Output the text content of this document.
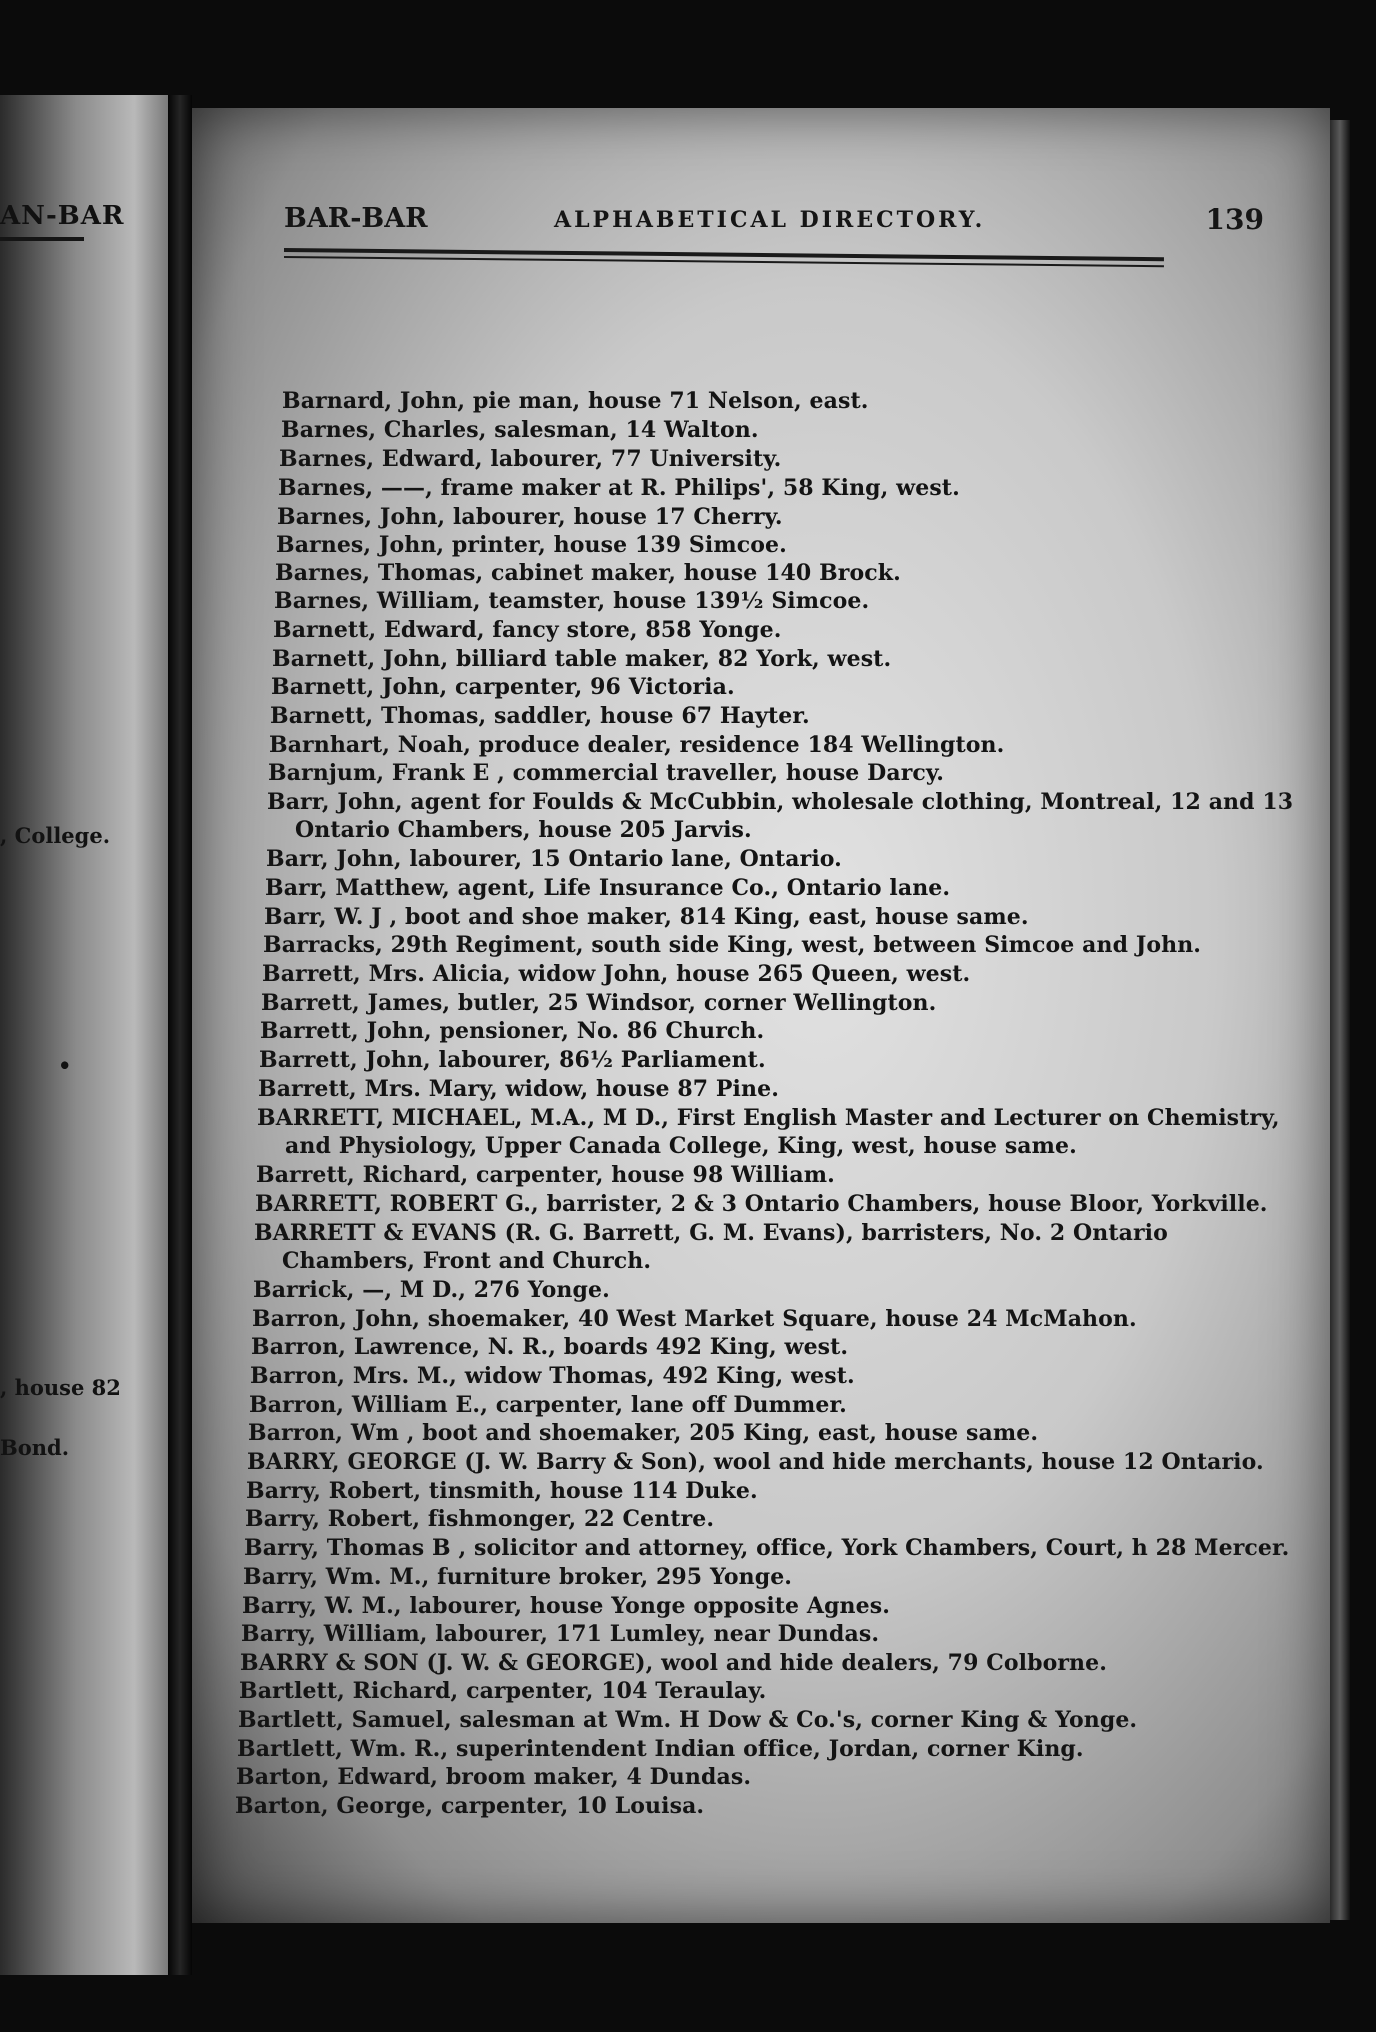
AN-BAR
, College.
•
, house 82
Bond.
BAR-BAR	ALPHABETICAL DIRECTORY.	139
Barnard, John, pie man, house 71 Nelson, east.
Barnes, Charles, salesman, 14 Walton.
Barnes, Edward, labourer, 77 University.
Barnes, ——, frame maker at R. Philips', 58 King, west.
Barnes, John, labourer, house 17 Cherry.
Barnes, John, printer, house 139 Simcoe.
Barnes, Thomas, cabinet maker, house 140 Brock.
Barnes, William, teamster, house 139½ Simcoe.
Barnett, Edward, fancy store, 858 Yonge.
Barnett, John, billiard table maker, 82 York, west.
Barnett, John, carpenter, 96 Victoria.
Barnett, Thomas, saddler, house 67 Hayter.
Barnhart, Noah, produce dealer, residence 184 Wellington.
Barnjum, Frank E , commercial traveller, house Darcy.
Barr, John, agent for Foulds & McCubbin, wholesale clothing, Montreal, 12 and 13
Ontario Chambers, house 205 Jarvis.
Barr, John, labourer, 15 Ontario lane, Ontario.
Barr, Matthew, agent, Life Insurance Co., Ontario lane.
Barr, W. J , boot and shoe maker, 814 King, east, house same.
Barracks, 29th Regiment, south side King, west, between Simcoe and John.
Barrett, Mrs. Alicia, widow John, house 265 Queen, west.
Barrett, James, butler, 25 Windsor, corner Wellington.
Barrett, John, pensioner, No. 86 Church.
Barrett, John, labourer, 86½ Parliament.
Barrett, Mrs. Mary, widow, house 87 Pine.
BARRETT, MICHAEL, M.A., M D., First English Master and Lecturer on Chemistry,
and Physiology, Upper Canada College, King, west, house same.
Barrett, Richard, carpenter, house 98 William.
BARRETT, ROBERT G., barrister, 2 & 3 Ontario Chambers, house Bloor, Yorkville.
BARRETT & EVANS (R. G. Barrett, G. M. Evans), barristers, No. 2 Ontario
Chambers, Front and Church.
Barrick, —, M D., 276 Yonge.
Barron, John, shoemaker, 40 West Market Square, house 24 McMahon.
Barron, Lawrence, N. R., boards 492 King, west.
Barron, Mrs. M., widow Thomas, 492 King, west.
Barron, William E., carpenter, lane off Dummer.
Barron, Wm , boot and shoemaker, 205 King, east, house same.
BARRY, GEORGE (J. W. Barry & Son), wool and hide merchants, house 12 Ontario.
Barry, Robert, tinsmith, house 114 Duke.
Barry, Robert, fishmonger, 22 Centre.
Barry, Thomas B , solicitor and attorney, office, York Chambers, Court, h 28 Mercer.
Barry, Wm. M., furniture broker, 295 Yonge.
Barry, W. M., labourer, house Yonge opposite Agnes.
Barry, William, labourer, 171 Lumley, near Dundas.
BARRY & SON (J. W. & GEORGE), wool and hide dealers, 79 Colborne.
Bartlett, Richard, carpenter, 104 Teraulay.
Bartlett, Samuel, salesman at Wm. H Dow & Co.'s, corner King & Yonge.
Bartlett, Wm. R., superintendent Indian office, Jordan, corner King.
Barton, Edward, broom maker, 4 Dundas.
Barton, George, carpenter, 10 Louisa.
